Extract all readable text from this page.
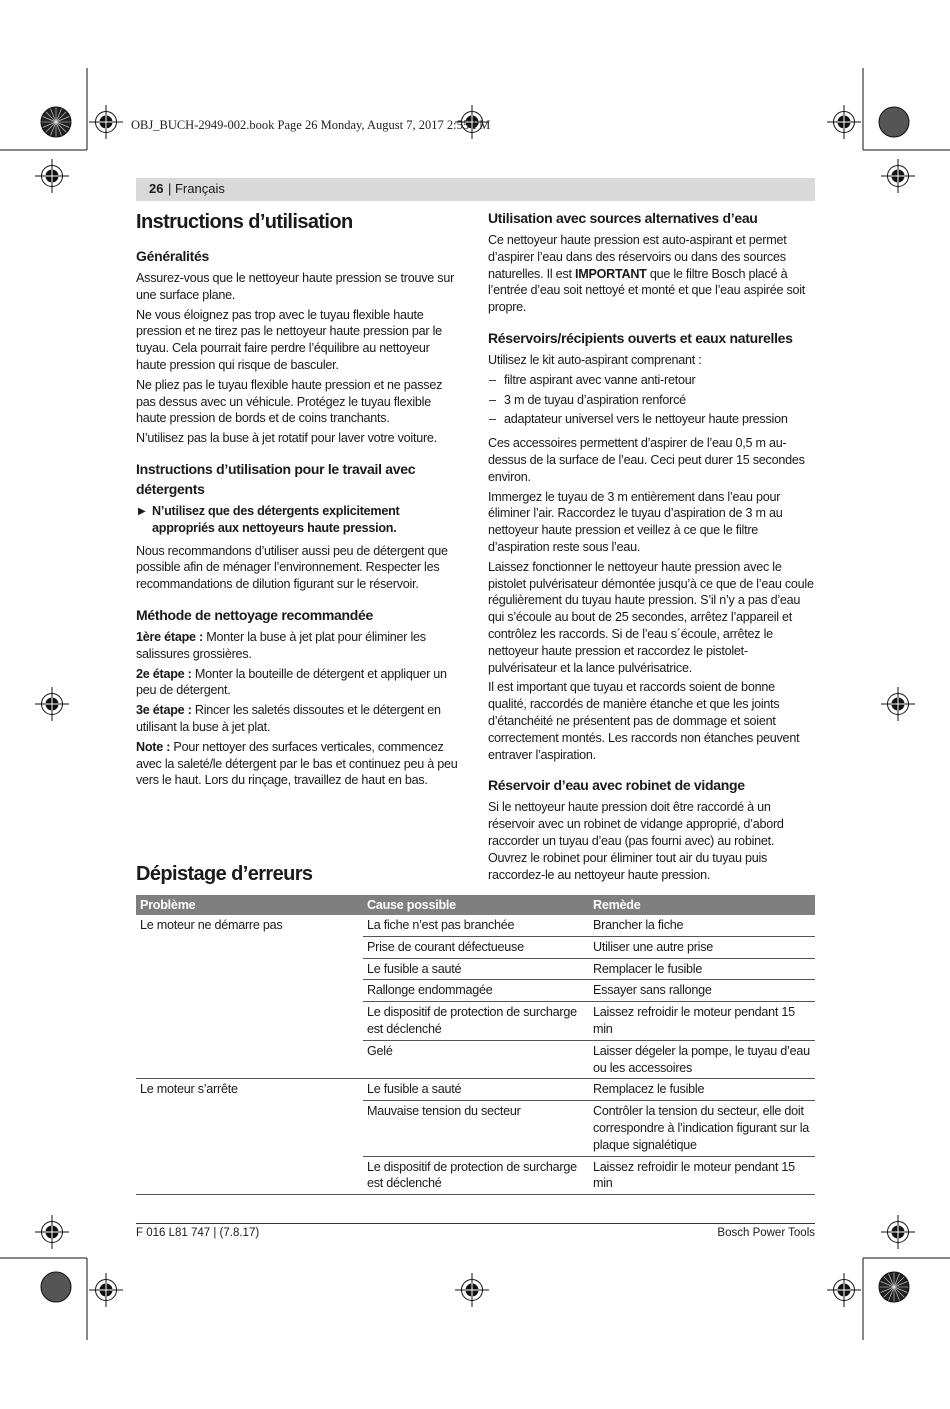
OBJ_BUCH-2949-002.book Page 26 Monday, August 7, 2017 2:55 PM
26 | Français
Instructions d’utilisation
Généralités

Assurez-vous que le nettoyeur haute pression se trouve sur une surface plane.

Ne vous éloignez pas trop avec le tuyau flexible haute pression et ne tirez pas le nettoyeur haute pression par le tuyau. Cela pourrait faire perdre l’équilibre au nettoyeur haute pression qui risque de basculer.

Ne pliez pas le tuyau flexible haute pression et ne passez pas dessus avec un véhicule. Protégez le tuyau flexible haute pression de bords et de coins tranchants.

N’utilisez pas la buse à jet rotatif pour laver votre voiture.

Instructions d’utilisation pour le travail avec détergents
▶ N’utilisez que des détergents explicitement appropriés aux nettoyeurs haute pression.

Nous recommandons d’utiliser aussi peu de détergent que possible afin de ménager l’environnement. Respecter les recommandations de dilution figurant sur le réservoir.

Méthode de nettoyage recommandée

1ère étape : Monter la buse à jet plat pour éliminer les salissures grossières.

2e étape : Monter la bouteille de détergent et appliquer un peu de détergent.

3e étape : Rincer les saletés dissoutes et le détergent en utilisant la buse à jet plat.

Note : Pour nettoyer des surfaces verticales, commencez avec la saleté/le détergent par le bas et continuez peu à peu vers le haut. Lors du rinçage, travaillez de haut en bas.

Utilisation avec sources alternatives d’eau

Ce nettoyeur haute pression est auto-aspirant et permet d’aspirer l’eau dans des réservoirs ou dans des sources naturelles. Il est IMPORTANT que le filtre Bosch placé à l’entrée d’eau soit nettoyé et monté et que l’eau aspirée soit propre.

Réservoirs/récipients ouverts et eaux naturelles

Utilisez le kit auto-aspirant comprenant :

– filtre aspirant avec vanne anti-retour
– 3 m de tuyau d’aspiration renforcé
– adaptateur universel vers le nettoyeur haute pression

Ces accessoires permettent d’aspirer de l’eau 0,5 m au-dessus de la surface de l’eau. Ceci peut durer 15 secondes environ.

Immergez le tuyau de 3 m entièrement dans l’eau pour éliminer l’air. Raccordez le tuyau d’aspiration de 3 m au nettoyeur haute pression et veillez à ce que le filtre d’aspiration reste sous l’eau.

Laissez fonctionner le nettoyeur haute pression avec le pistolet pulvérisateur démontée jusqu’à ce que de l’eau coule régulièrement du tuyau haute pression. S’il n’y a pas d’eau qui s’écoule au bout de 25 secondes, arrêtez l’appareil et contrôlez les raccords. Si de l’eau s´écoule, arrêtez le nettoyeur haute pression et raccordez le pistolet-pulvérisateur et la lance pulvérisatrice.

Il est important que tuyau et raccords soient de bonne qualité, raccordés de manière étanche et que les joints d’étanchéité ne présentent pas de dommage et soient correctement montés. Les raccords non étanches peuvent entraver l’aspiration.

Réservoir d’eau avec robinet de vidange

Si le nettoyeur haute pression doit être raccordé à un réservoir avec un robinet de vidange approprié, d’abord raccorder un tuyau d’eau (pas fourni avec) au robinet. Ouvrez le robinet pour éliminer tout air du tuyau puis raccordez-le au nettoyeur haute pression.

Dépistage d’erreurs
Problème	Cause possible	Remède
Le moteur ne démarre pas	La fiche n’est pas branchée	Brancher la fiche
	Prise de courant défectueuse	Utiliser une autre prise
	Le fusible a sauté	Remplacer le fusible
	Rallonge endommagée	Essayer sans rallonge
	Le dispositif de protection de surcharge est déclenché	Laissez refroidir le moteur pendant 15 min
	Gelé	Laisser dégeler la pompe, le tuyau d’eau ou les accessoires
Le moteur s’arrête	Le fusible a sauté	Remplacez le fusible
	Mauvaise tension du secteur	Contrôler la tension du secteur, elle doit correspondre à l’indication figurant sur la plaque signalétique
	Le dispositif de protection de surcharge est déclenché	Laissez refroidir le moteur pendant 15 min
F 016 L81 747 | (7.8.17)	Bosch Power Tools
